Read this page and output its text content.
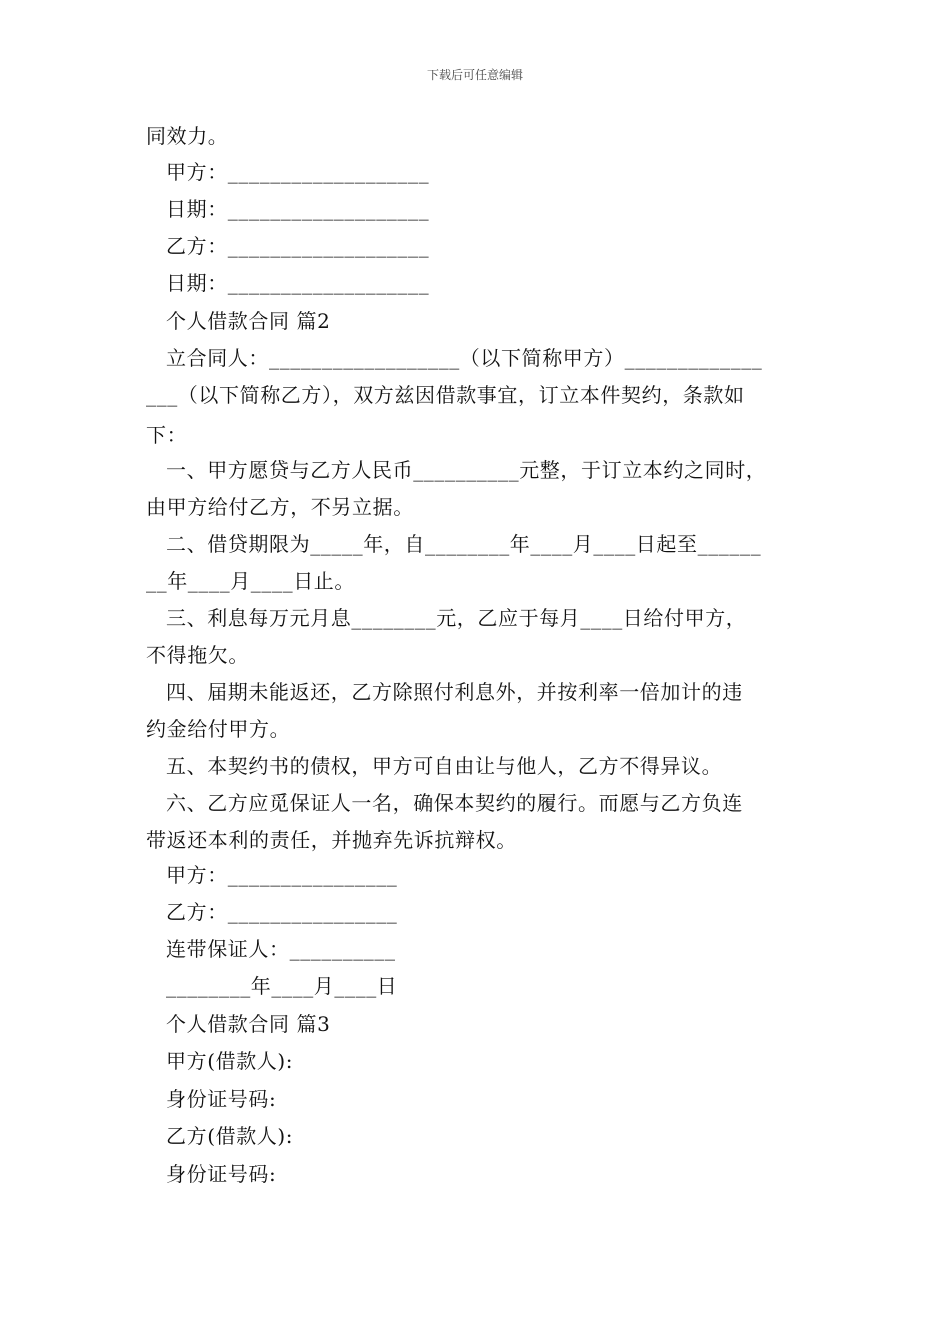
下载后可任意编辑
同效力。
甲方：___________________
日期：___________________
乙方：___________________
日期：___________________
个人借款合同 篇2
立合同人：__________________（以下简称甲方）_____________
___（以下简称乙方），双方兹因借款事宜，订立本件契约，条款如
下：
一、甲方愿贷与乙方人民币__________元整，于订立本约之同时，
由甲方给付乙方，不另立据。
二、借贷期限为_____年，自________年____月____日起至______
__年____月____日止。
三、利息每万元月息________元，乙应于每月____日给付甲方，
不得拖欠。
四、届期未能返还，乙方除照付利息外，并按利率一倍加计的违
约金给付甲方。
五、本契约书的债权，甲方可自由让与他人，乙方不得异议。
六、乙方应觅保证人一名，确保本契约的履行。而愿与乙方负连
带返还本利的责任，并抛弃先诉抗辩权。
甲方：________________
乙方：________________
连带保证人：__________
________年____月____日
个人借款合同 篇3
甲方(借款人):
身份证号码:
乙方(借款人):
身份证号码:
